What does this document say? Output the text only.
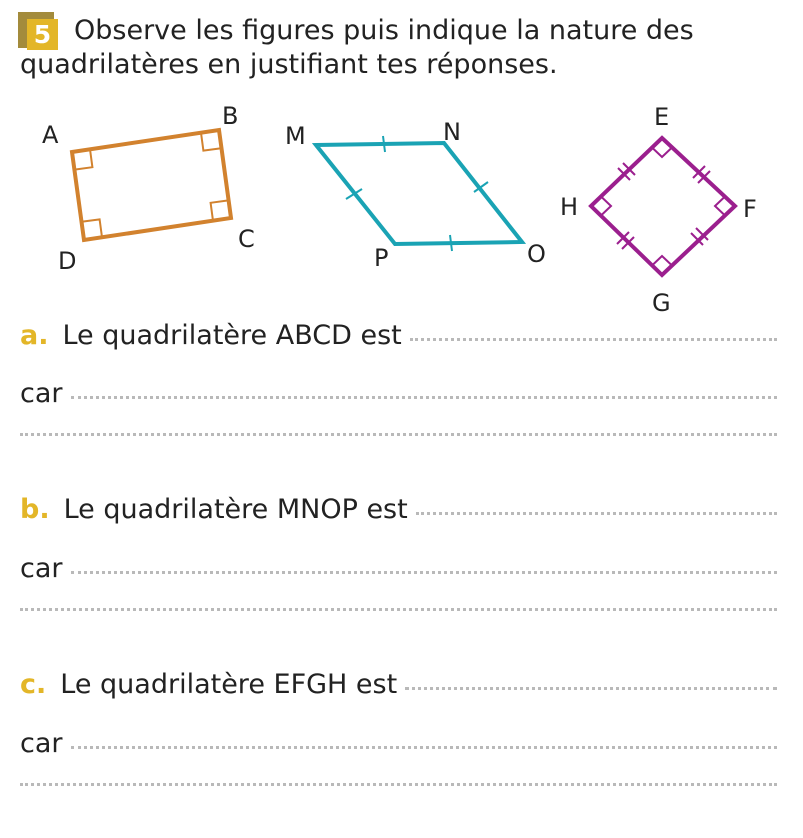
5 Observe les figures puis indique la nature des
quadrilatères en justifiant tes réponses.
A
B
C
D
M	N
O
P
E
F
G
H
a. Le quadrilatère ABCD est
car
b. Le quadrilatère MNOP est
car
c. Le quadrilatère EFGH est
car
